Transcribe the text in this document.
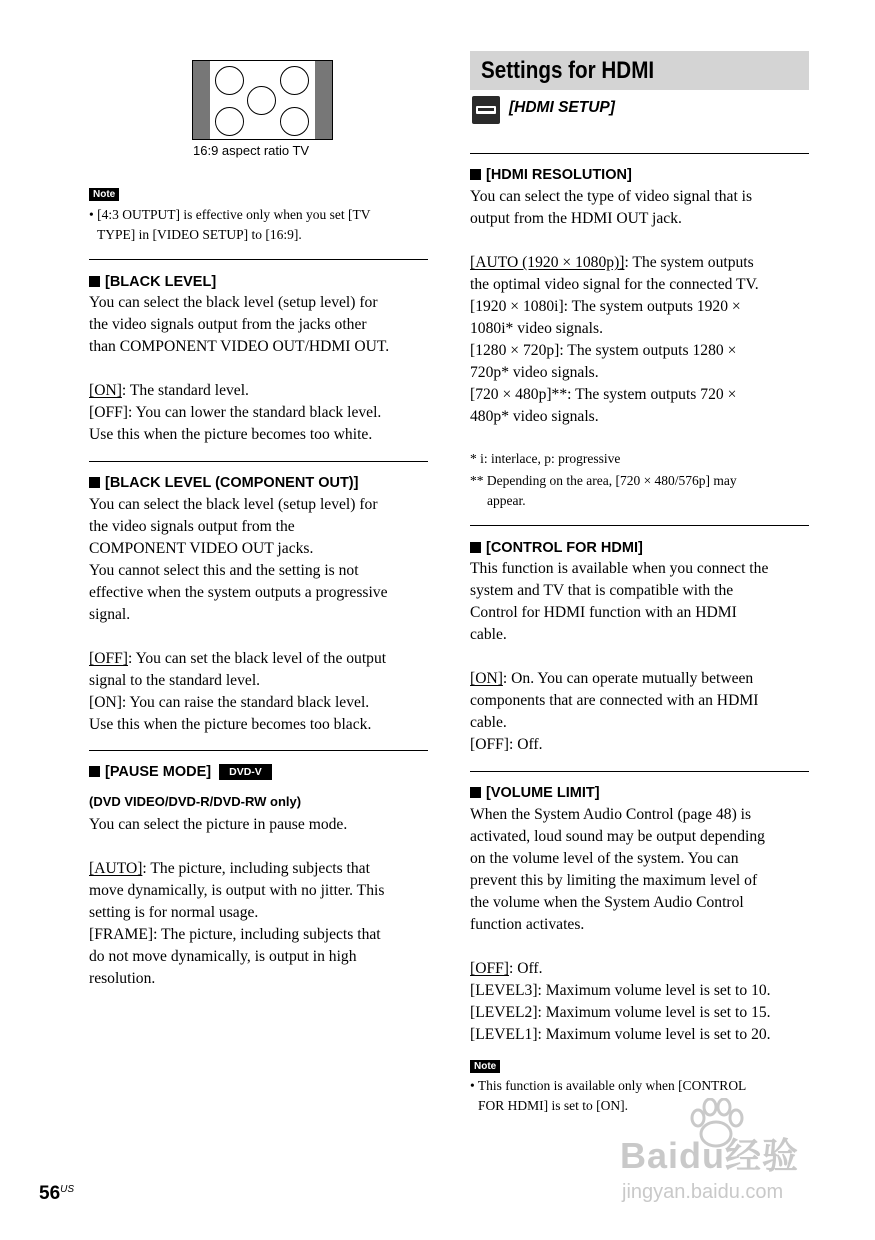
16:9 aspect ratio TV
Note
• [4:3 OUTPUT] is effective only when you set [TV
TYPE] in [VIDEO SETUP] to [16:9].
[BLACK LEVEL]
You can select the black level (setup level) for
the video signals output from the jacks other
than COMPONENT VIDEO OUT/HDMI OUT.
[ON]: The standard level.
[OFF]: You can lower the standard black level.
Use this when the picture becomes too white.
[BLACK LEVEL (COMPONENT OUT)]
You can select the black level (setup level) for
the video signals output from the
COMPONENT VIDEO OUT jacks.
You cannot select this and the setting is not
effective when the system outputs a progressive
signal.
[OFF]: You can set the black level of the output
signal to the standard level.
[ON]: You can raise the standard black level.
Use this when the picture becomes too black.
[PAUSE MODE] DVD-V
(DVD VIDEO/DVD-R/DVD-RW only)
You can select the picture in pause mode.
[AUTO]: The picture, including subjects that
move dynamically, is output with no jitter. This
setting is for normal usage.
[FRAME]: The picture, including subjects that
do not move dynamically, is output in high
resolution.
Settings for HDMI
[HDMI SETUP]
[HDMI RESOLUTION]
You can select the type of video signal that is
output from the HDMI OUT jack.
[AUTO (1920 × 1080p)]: The system outputs
the optimal video signal for the connected TV.
[1920 × 1080i]: The system outputs 1920 ×
1080i* video signals.
[1280 × 720p]: The system outputs 1280 ×
720p* video signals.
[720 × 480p]**: The system outputs 720 ×
480p* video signals.
* i: interlace, p: progressive
** Depending on the area, [720 × 480/576p] may
appear.
[CONTROL FOR HDMI]
This function is available when you connect the
system and TV that is compatible with the
Control for HDMI function with an HDMI
cable.
[ON]: On. You can operate mutually between
components that are connected with an HDMI
cable.
[OFF]: Off.
[VOLUME LIMIT]
When the System Audio Control (page 48) is
activated, loud sound may be output depending
on the volume level of the system. You can
prevent this by limiting the maximum level of
the volume when the System Audio Control
function activates.
[OFF]: Off.
[LEVEL3]: Maximum volume level is set to 10.
[LEVEL2]: Maximum volume level is set to 15.
[LEVEL1]: Maximum volume level is set to 20.
Note
• This function is available only when [CONTROL
FOR HDMI] is set to [ON].
$56^{US}$
Baidu经验
jingyan.baidu.com
